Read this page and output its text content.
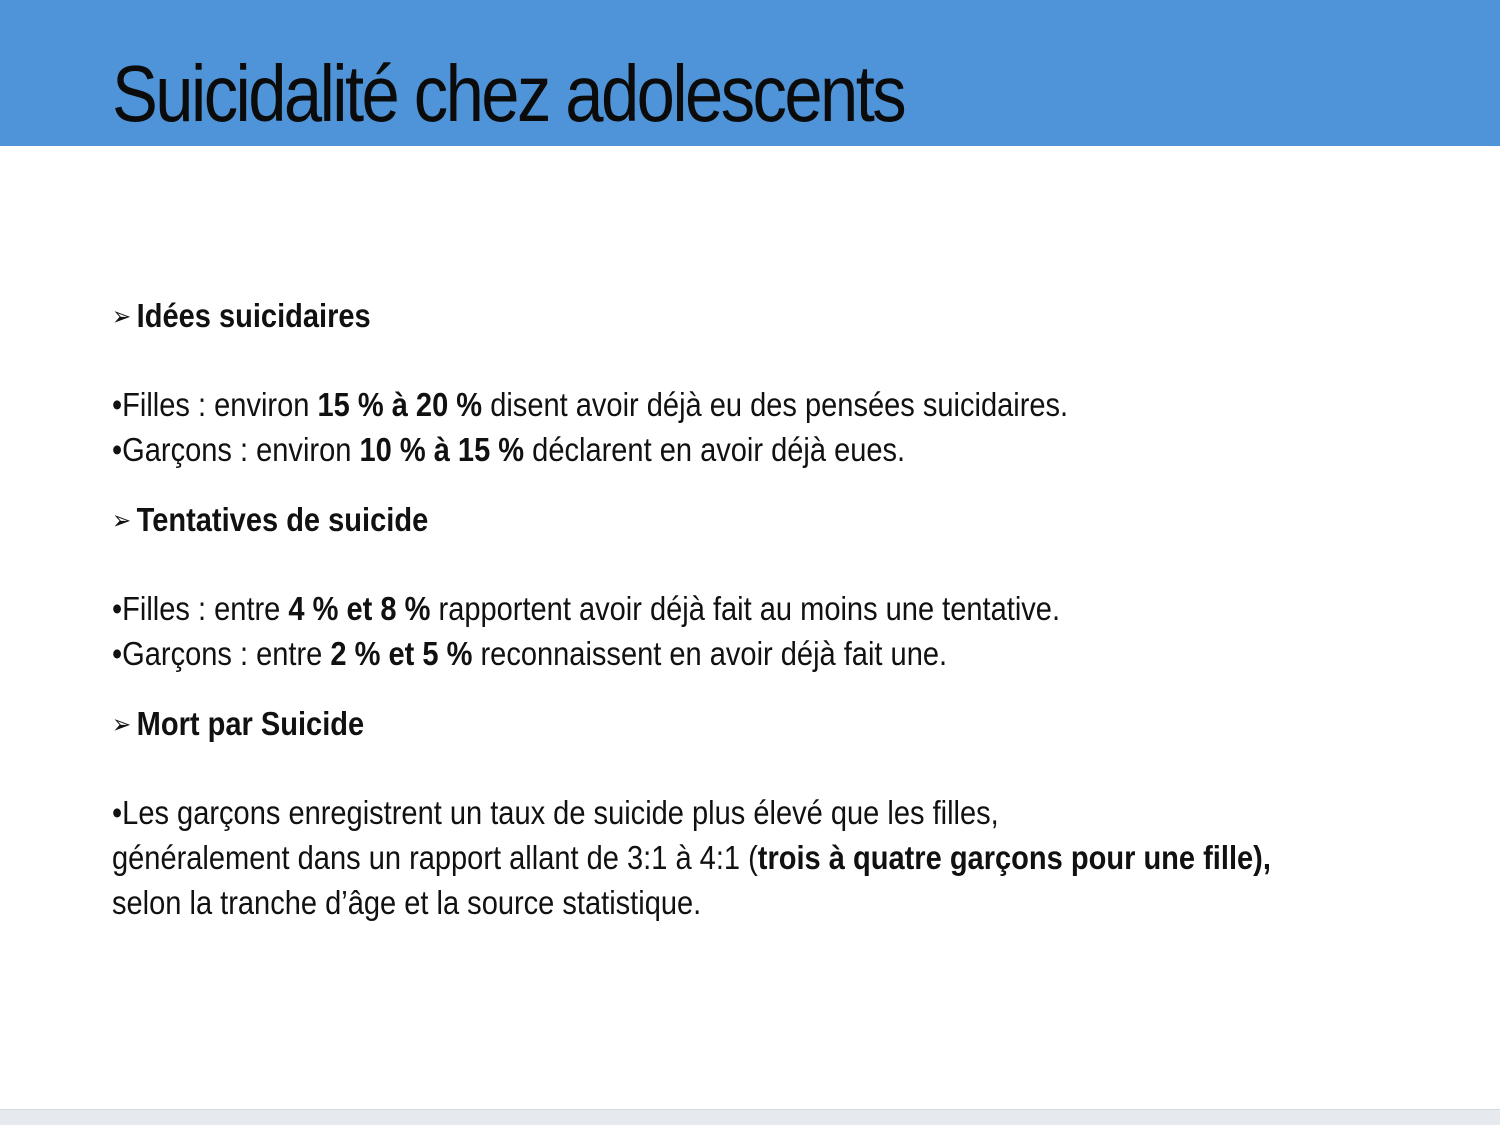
Suicidalité chez adolescents
➢ Idées suicidaires
•Filles : environ 15 % à 20 % disent avoir déjà eu des pensées suicidaires.
•Garçons : environ 10 % à 15 % déclarent en avoir déjà eues.
➢ Tentatives de suicide
•Filles : entre 4 % et 8 % rapportent avoir déjà fait au moins une tentative.
•Garçons : entre 2 % et 5 % reconnaissent en avoir déjà fait une.
➢ Mort par Suicide
•Les garçons enregistrent un taux de suicide plus élevé que les filles,
généralement dans un rapport allant de 3:1 à 4:1 (trois à quatre garçons pour une fille),
selon la tranche d’âge et la source statistique.
